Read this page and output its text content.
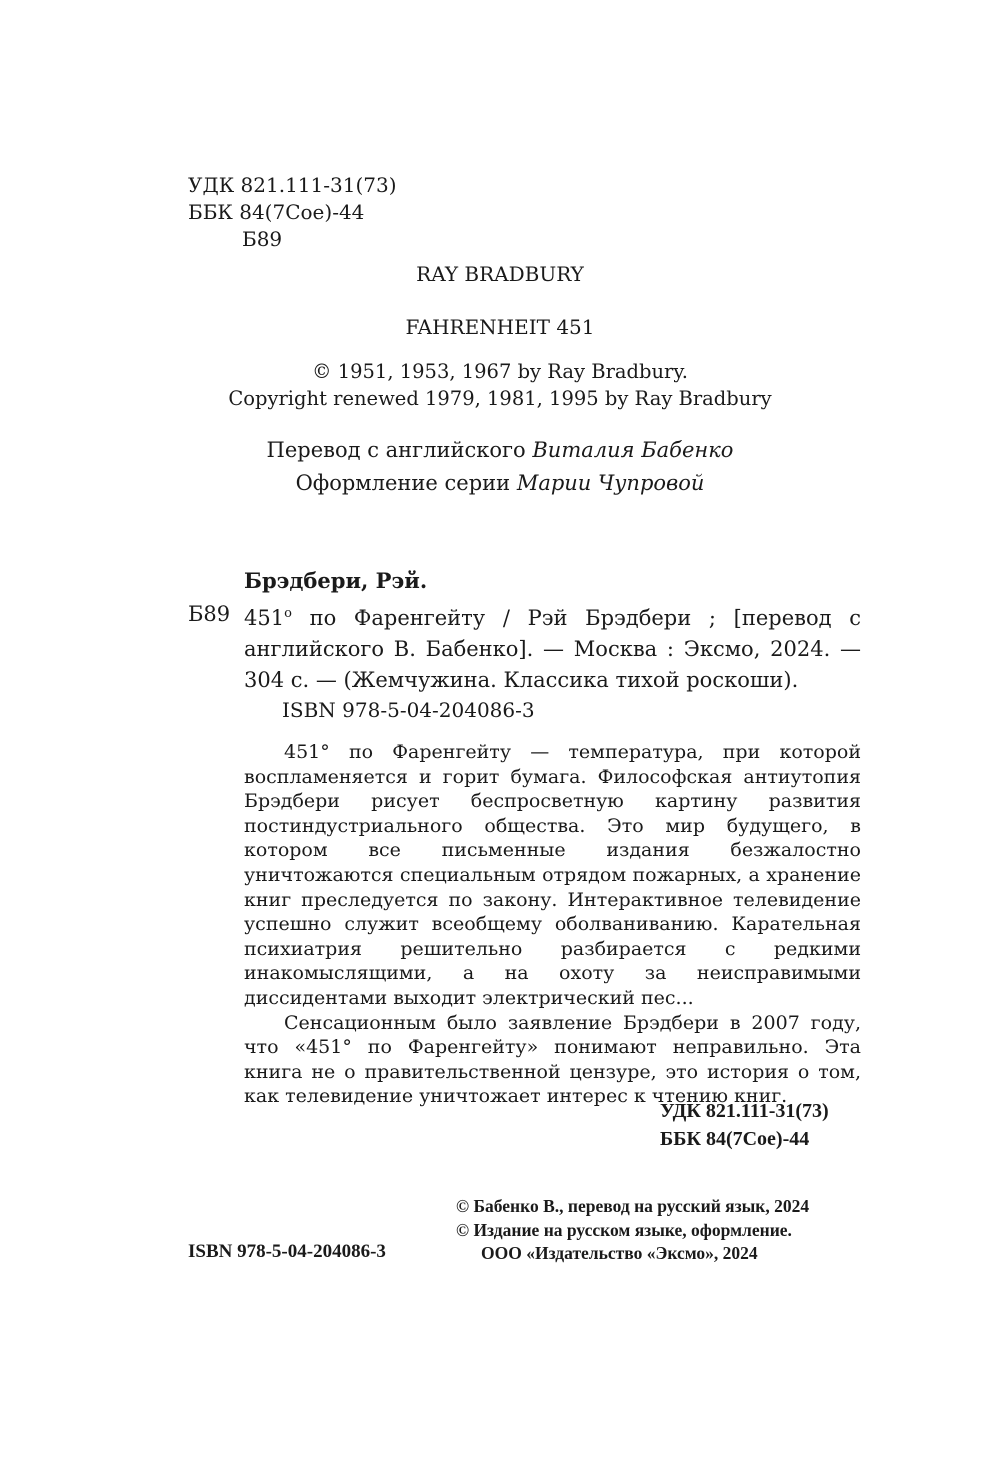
УДК 821.111-31(73)
ББК 84(7Сое)-44
Б89
RAY BRADBURY
FAHRENHEIT 451
© 1951, 1953, 1967 by Ray Bradbury.
Copyright renewed 1979, 1981, 1995 by Ray Bradbury
Перевод с английского Виталия Бабенко
Оформление серии Марии Чупровой
Брэдбери, Рэй.
Б89 $451^о$ по Фаренгейту / Рэй Брэдбери ; [перевод с английского В. Бабенко]. — Москва : Эксмо, 2024. — 304 с. — (Жемчужина. Классика тихой роскоши).
ISBN 978-5-04-204086-3

451° по Фаренгейту — температура, при которой воспламеняется и горит бумага. Философская антиутопия Брэдбери рисует беспросветную картину развития постиндустриального общества. Это мир будущего, в котором все письменные издания безжалостно уничтожаются специальным отрядом пожарных, а хранение книг преследуется по закону. Интерактивное телевидение успешно служит всеобщему оболваниванию. Карательная психиатрия решительно разбирается с редкими инакомыслящими, а на охоту за неисправимыми диссидентами выходит электрический пес...

Сенсационным было заявление Брэдбери в 2007 году, что «451° по Фаренгейту» понимают неправильно. Эта книга не о правительственной цензуре, это история о том, как телевидение уничтожает интерес к чтению книг.

УДК 821.111-31(73)
ББК 84(7Сое)-44
© Бабенко В., перевод на русский язык, 2024
© Издание на русском языке, оформление.
ООО «Издательство «Эксмо», 2024
ISBN 978-5-04-204086-3
